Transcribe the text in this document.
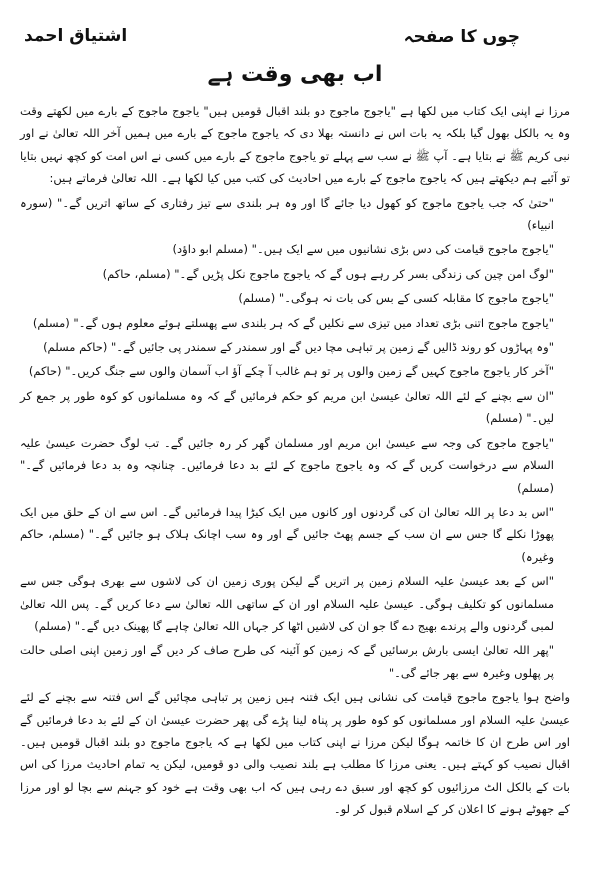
چوں کا صفحہ
اشتیاق احمد
اب بھی وقت ہے

مرزا نے اپنی ایک کتاب میں لکھا ہے "یاجوج ماجوج دو بلند اقبال قومیں ہیں" یاجوج ماجوج کے بارے میں لکھتے وقت وہ یہ بالکل بھول گیا بلکہ یہ بات اس نے دانستہ بھلا دی کہ یاجوج ماجوج کے بارے میں ہمیں آخر اللہ تعالیٰ نے اور نبی کریم ﷺ نے بتایا ہے۔ آپ ﷺ نے سب سے پہلے تو یاجوج ماجوج کے بارے میں کسی نے اس امت کو کچھ نہیں بتایا تو آئیے ہم دیکھتے ہیں کہ یاجوج ماجوج کے بارے میں احادیث کی کتب میں کیا لکھا ہے۔ اللہ تعالیٰ فرماتے ہیں:

"حتیٰ کہ جب یاجوج ماجوج کو کھول دیا جائے گا اور وہ ہر بلندی سے تیز رفتاری کے ساتھ اتریں گے۔" (سورہ انبیاء)

"یاجوج ماجوج قیامت کی دس بڑی نشانیوں میں سے ایک ہیں۔" (مسلم ابو داؤد)

"لوگ امن چین کی زندگی بسر کر رہے ہوں گے کہ یاجوج ماجوج نکل پڑیں گے۔" (مسلم، حاکم)

"یاجوج ماجوج کا مقابلہ کسی کے بس کی بات نہ ہوگی۔" (مسلم)

"یاجوج ماجوج اتنی بڑی تعداد میں تیزی سے نکلیں گے کہ ہر بلندی سے پھسلتے ہوئے معلوم ہوں گے۔" (مسلم)

"وہ پہاڑوں کو روند ڈالیں گے زمین پر تباہی مچا دیں گے اور سمندر کے سمندر پی جائیں گے۔" (حاکم مسلم)

"آخر کار یاجوج ماجوج کہیں گے زمین والوں پر تو ہم غالب آ چکے آؤ اب آسمان والوں سے جنگ کریں۔" (حاکم)

"ان سے بچنے کے لئے اللہ تعالیٰ عیسیٰ ابن مریم کو حکم فرمائیں گے کہ وہ مسلمانوں کو کوہ طور پر جمع کر لیں۔" (مسلم)

"یاجوج ماجوج کی وجہ سے عیسیٰ ابن مریم اور مسلمان گھر کر رہ جائیں گے۔ تب لوگ حضرت عیسیٰ علیہ السلام سے درخواست کریں گے کہ وہ یاجوج ماجوج کے لئے بد دعا فرمائیں۔ چنانچہ وہ بد دعا فرمائیں گے۔" (مسلم)

"اس بد دعا پر اللہ تعالیٰ ان کی گردنوں اور کانوں میں ایک کیڑا پیدا فرمائیں گے۔ اس سے ان کے حلق میں ایک پھوڑا نکلے گا جس سے ان سب کے جسم پھٹ جائیں گے اور وہ سب اچانک ہلاک ہو جائیں گے۔" (مسلم، حاکم وغیرہ)

"اس کے بعد عیسیٰ علیہ السلام زمین پر اتریں گے لیکن پوری زمین ان کی لاشوں سے بھری ہوگی جس سے مسلمانوں کو تکلیف ہوگی۔ عیسیٰ علیہ السلام اور ان کے ساتھی اللہ تعالیٰ سے دعا کریں گے۔ پس اللہ تعالیٰ لمبی گردنوں والے پرندے بھیج دے گا جو ان کی لاشیں اٹھا کر جہاں اللہ تعالیٰ چاہے گا پھینک دیں گے۔" (مسلم)

"پھر اللہ تعالیٰ ایسی بارش برسائیں گے کہ زمین کو آئینہ کی طرح صاف کر دیں گے اور زمین اپنی اصلی حالت پر پھلوں وغیرہ سے بھر جائے گی۔"

واضح ہوا یاجوج ماجوج قیامت کی نشانی ہیں ایک فتنہ ہیں زمین پر تباہی مچائیں گے اس فتنہ سے بچنے کے لئے عیسیٰ علیہ السلام اور مسلمانوں کو کوہ طور پر پناہ لینا پڑے گی پھر حضرت عیسیٰ ان کے لئے بد دعا فرمائیں گے اور اس طرح ان کا خاتمہ ہوگا لیکن مرزا نے اپنی کتاب میں لکھا ہے کہ یاجوج ماجوج دو بلند اقبال قومیں ہیں۔ اقبال نصیب کو کہتے ہیں۔ یعنی مرزا کا مطلب ہے بلند نصیب والی دو قومیں، لیکن یہ تمام احادیث مرزا کی اس بات کے بالکل الٹ مرزائیوں کو کچھ اور سبق دے رہی ہیں کہ اب بھی وقت ہے خود کو جہنم سے بچا لو اور مرزا کے جھوٹے ہونے کا اعلان کر کے اسلام قبول کر لو۔
